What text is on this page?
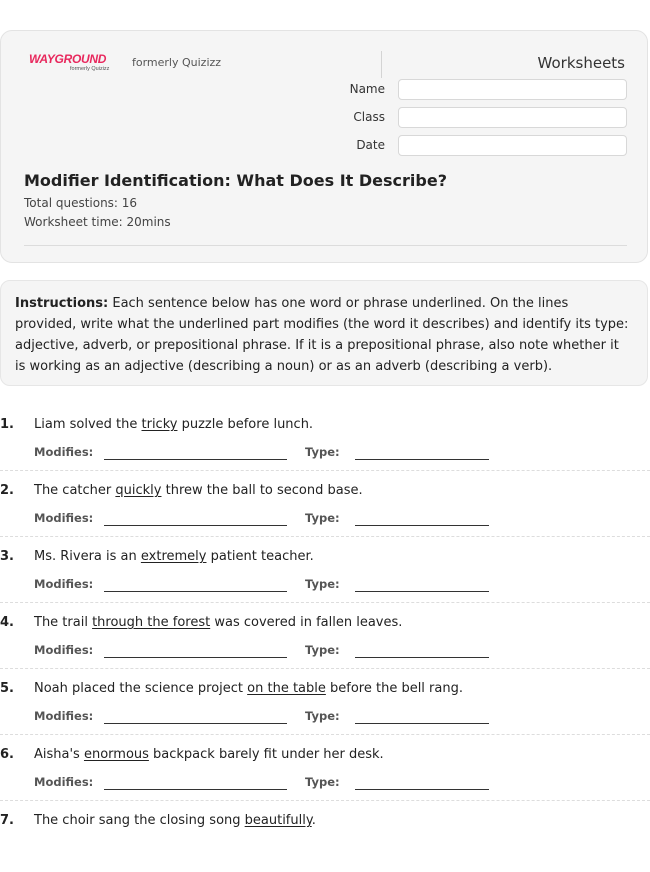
WAYGROUND
formerly Quizizz formerly Quizizz	Worksheets
Name
Class
Date
Modifier Identification: What Does It Describe?
Total questions: 16
Worksheet time: 20mins
Instructions: Each sentence below has one word or phrase underlined. On the lines provided, write what the underlined part modifies (the word it describes) and identify its type: adjective, adverb, or prepositional phrase. If it is a prepositional phrase, also note whether it is working as an adjective (describing a noun) or as an adverb (describing a verb).
1. Liam solved the tricky puzzle before lunch.
Modifies:	Type:
2. The catcher quickly threw the ball to second base.
Modifies:	Type:
3. Ms. Rivera is an extremely patient teacher.
Modifies:	Type:
4. The trail through the forest was covered in fallen leaves.
Modifies:	Type:
5. Noah placed the science project on the table before the bell rang.
Modifies:	Type:
6. Aisha's enormous backpack barely fit under her desk.
Modifies:	Type:
7. The choir sang the closing song beautifully.
